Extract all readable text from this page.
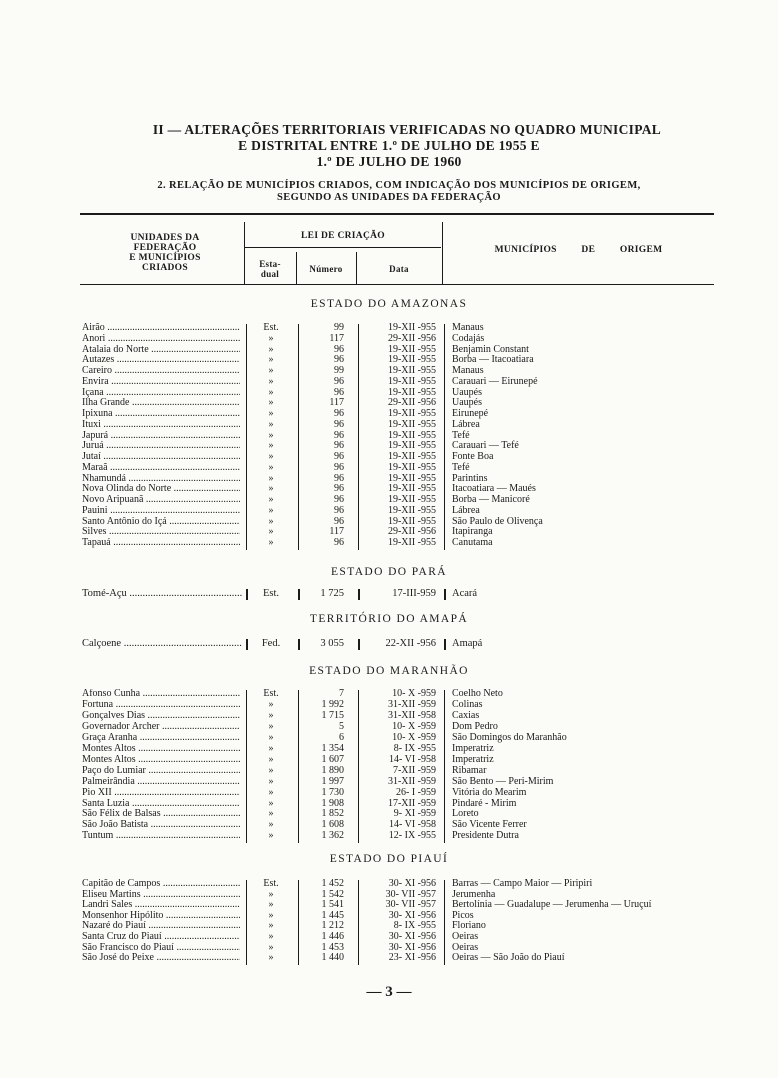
II — ALTERAÇÕES TERRITORIAIS VERIFICADAS NO QUADRO MUNICIPAL
E DISTRITAL ENTRE 1.º DE JULHO DE 1955 E
1.º DE JULHO DE 1960
2. RELAÇÃO DE MUNICÍPIOS CRIADOS, COM INDICAÇÃO DOS MUNICÍPIOS DE ORIGEM,
SEGUNDO AS UNIDADES DA FEDERAÇÃO
UNIDADES DA
FEDERAÇÃO
E MUNICÍPIOS
CRIADOS
LEI DE CRIAÇÃO
Esta-
dual	Número	Data
MUNICÍPIOS DE ORIGEM
ESTADO DO AMAZONAS
ESTADO DO PARÁ
TERRITÓRIO DO AMAPÁ
ESTADO DO MARANHÃO
ESTADO DO PIAUÍ
Airão .....	Est.	99	19-XII -955 Manaus
Anori .....	»	117	29-XII -956 Codajás
Atalaia do Norte .....	»	96	19-XII -955 Benjamin Constant
Autazes .....	»	96	19-XII -955 Borba — Itacoatiara
Careiro .....	»	99	19-XII -955 Manaus
Envira .....	»	96	19-XII -955 Carauari — Eirunepé
Içana .....	»	96	19-XII -955 Uaupés
Ilha Grande .....	»	117	29-XII -956 Uaupés
Ipixuna .....	»	96	19-XII -955 Eirunepé
Ituxi .....	»	96	19-XII -955 Lábrea
Japurá .....	»	96	19-XII -955 Tefé
Juruá .....	»	96	19-XII -955 Carauari — Tefé
Jutaí .....	»	96	19-XII -955 Fonte Boa
Maraã .....	»	96	19-XII -955 Tefé
Nhamundá .....	»	96	19-XII -955 Parintins
Nova Olinda do Norte .....	»	96	19-XII -955 Itacoatiara — Maués
Novo Aripuanã .....	»	96	19-XII -955 Borba — Manicoré
Pauini .....	»	96	19-XII -955 Lábrea
Santo Antônio do Içá .....	»	96	19-XII -955 São Paulo de Olivença
Silves .....	»	117	29-XII -956 Itapiranga
Tapauá .....	»	96	19-XII -955 Canutama
Tomé-Açu .....	Est.	1 725	17-III-959 Acará
Calçoene .....	Fed.	3 055	22-XII -956 Amapá
Afonso Cunha .....	Est.	7	10- X -959 Coelho Neto
Fortuna .....	»	1 992	31-XII -959 Colinas
Gonçalves Dias .....	»	1 715	31-XII -958 Caxias
Governador Archer .....	»	5	10- X -959 Dom Pedro
Graça Aranha .....	»	6	10- X -959 São Domingos do Maranhão
Montes Altos .....	»	1 354	8- IX -955 Imperatriz
Montes Altos .....	»	1 607	14- VI -958 Imperatriz
Paço do Lumiar .....	»	1 890	7-XII -959 Ribamar
Palmeirândia .....	»	1 997	31-XII -959 São Bento — Peri-Mirim
Pio XII .....	»	1 730	26- I -959 Vitória do Mearim
Santa Luzia .....	»	1 908	17-XII -959 Pindaré - Mirim
São Félix de Balsas .....	»	1 852	9- XI -959 Loreto
São João Batista .....	»	1 608	14- VI -958 São Vicente Ferrer
Tuntum .....	»	1 362	12- IX -955 Presidente Dutra
Capitão de Campos .....	Est.	1 452	30- XI -956 Barras — Campo Maior — Piripiri
Eliseu Martins .....	»	1 542	30- VII -957 Jerumenha
Landri Sales .....	»	1 541	30- VII -957 Bertolínia — Guadalupe — Jerumenha — Uruçuí
Monsenhor Hipólito .....	»	1 445	30- XI -956 Picos
Nazaré do Piauí .....	»	1 212	8- IX -955 Floriano
Santa Cruz do Piauí .....	»	1 446	30- XI -956 Oeiras
São Francisco do Piauí .....	»	1 453	30- XI -956 Oeiras
São José do Peixe .....	»	1 440	23- XI -956 Oeiras — São João do Piauí
— 3 —
